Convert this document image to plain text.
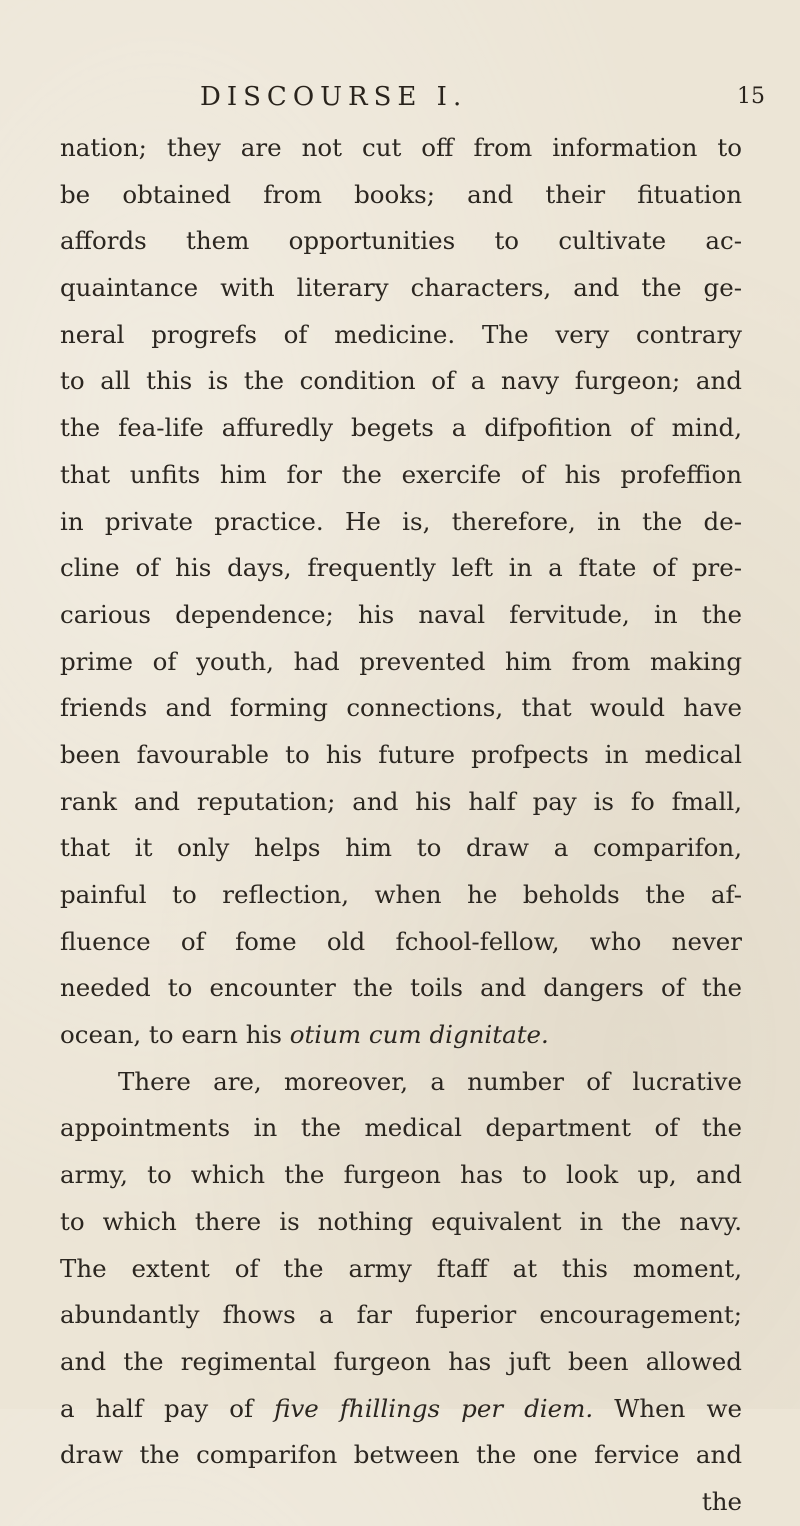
DISCOURSE I.	15
nation; they are not cut off from information to
be obtained from books; and their fituation
affords them opportunities to cultivate ac-
quaintance with literary characters, and the ge-
neral progrefs of medicine. The very contrary
to all this is the condition of a navy furgeon; and
the fea-life affuredly begets a difpofition of mind,
that unfits him for the exercife of his profeffion
in private practice. He is, therefore, in the de-
cline of his days, frequently left in a ftate of pre-
carious dependence; his naval fervitude, in the
prime of youth, had prevented him from making
friends and forming connections, that would have
been favourable to his future profpects in medical
rank and reputation; and his half pay is fo fmall,
that it only helps him to draw a comparifon,
painful to reflection, when he beholds the af-
fluence of fome old fchool-fellow, who never
needed to encounter the toils and dangers of the
ocean, to earn his otium cum dignitate.
There are, moreover, a number of lucrative
appointments in the medical department of the
army, to which the furgeon has to look up, and
to which there is nothing equivalent in the navy.
The extent of the army ftaff at this moment,
abundantly fhows a far fuperior encouragement;
and the regimental furgeon has juft been allowed
a half pay of five fhillings per diem. When we
draw the comparifon between the one fervice and
the
